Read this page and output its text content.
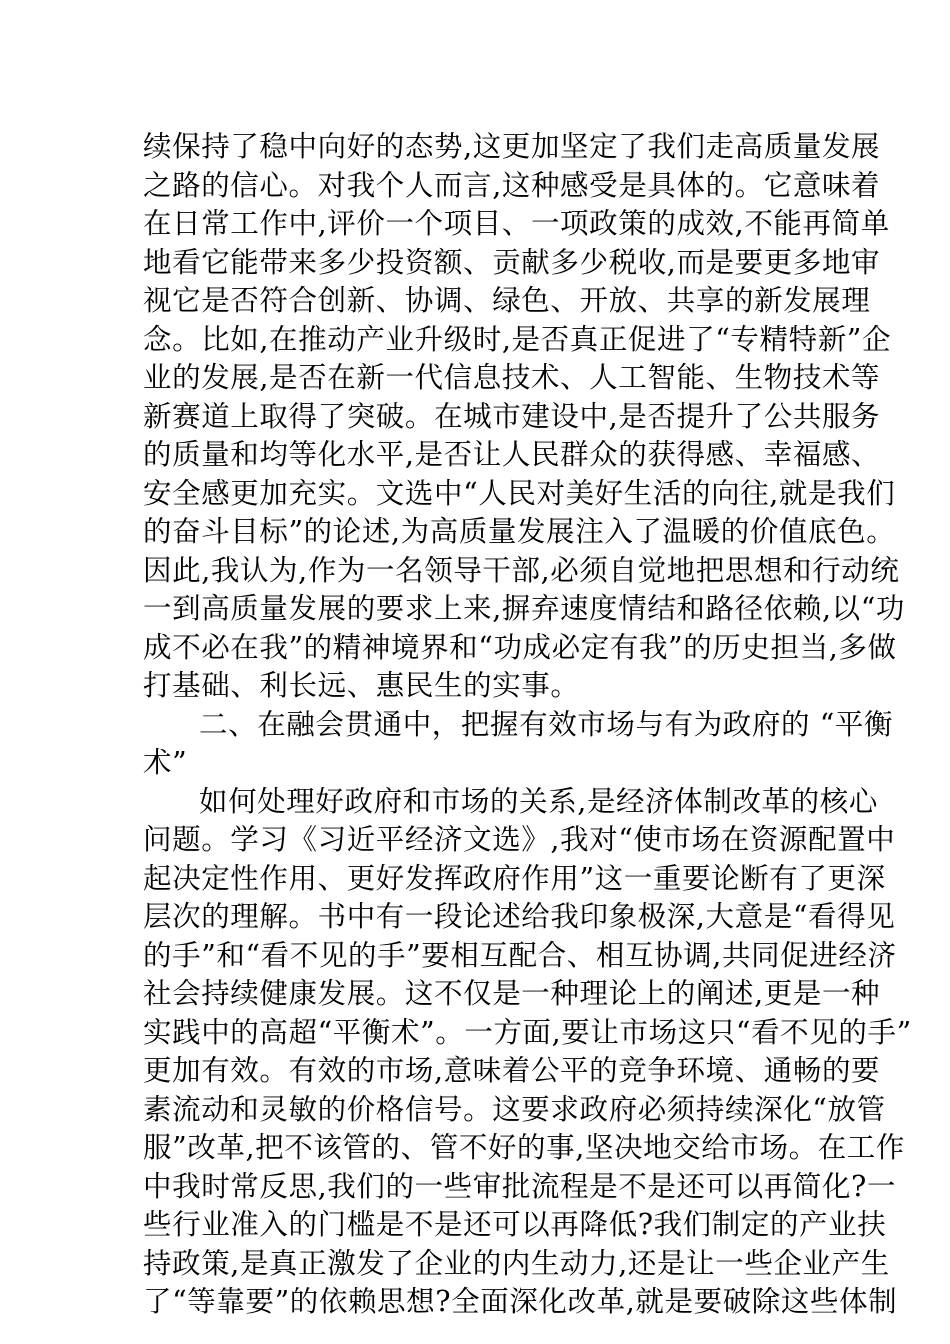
续保持了稳中向好的态势,这更加坚定了我们走高质量发展
之路的信心。对我个人而言,这种感受是具体的。它意味着
在日常工作中,评价一个项目、一项政策的成效,不能再简单
地看它能带来多少投资额、贡献多少税收,而是要更多地审
视它是否符合创新、协调、绿色、开放、共享的新发展理
念。比如,在推动产业升级时,是否真正促进了“专精特新”企
业的发展,是否在新一代信息技术、人工智能、生物技术等
新赛道上取得了突破。在城市建设中,是否提升了公共服务
的质量和均等化水平,是否让人民群众的获得感、幸福感、
安全感更加充实。文选中“人民对美好生活的向往,就是我们
的奋斗目标”的论述,为高质量发展注入了温暖的价值底色。
因此,我认为,作为一名领导干部,必须自觉地把思想和行动统
一到高质量发展的要求上来,摒弃速度情结和路径依赖,以“功
成不必在我”的精神境界和“功成必定有我”的历史担当,多做
打基础、利长远、惠民生的实事。
二、在融会贯通中，把握有效市场与有为政府的 “平衡
术”
如何处理好政府和市场的关系,是经济体制改革的核心
问题。学习《习近平经济文选》,我对“使市场在资源配置中
起决定性作用、更好发挥政府作用”这一重要论断有了更深
层次的理解。书中有一段论述给我印象极深,大意是“看得见
的手”和“看不见的手”要相互配合、相互协调,共同促进经济
社会持续健康发展。这不仅是一种理论上的阐述,更是一种
实践中的高超“平衡术”。一方面,要让市场这只“看不见的手”
更加有效。有效的市场,意味着公平的竞争环境、通畅的要
素流动和灵敏的价格信号。这要求政府必须持续深化“放管
服”改革,把不该管的、管不好的事,坚决地交给市场。在工作
中我时常反思,我们的一些审批流程是不是还可以再简化?一
些行业准入的门槛是不是还可以再降低?我们制定的产业扶
持政策,是真正激发了企业的内生动力,还是让一些企业产生
了“等靠要”的依赖思想?全面深化改革,就是要破除这些体制
